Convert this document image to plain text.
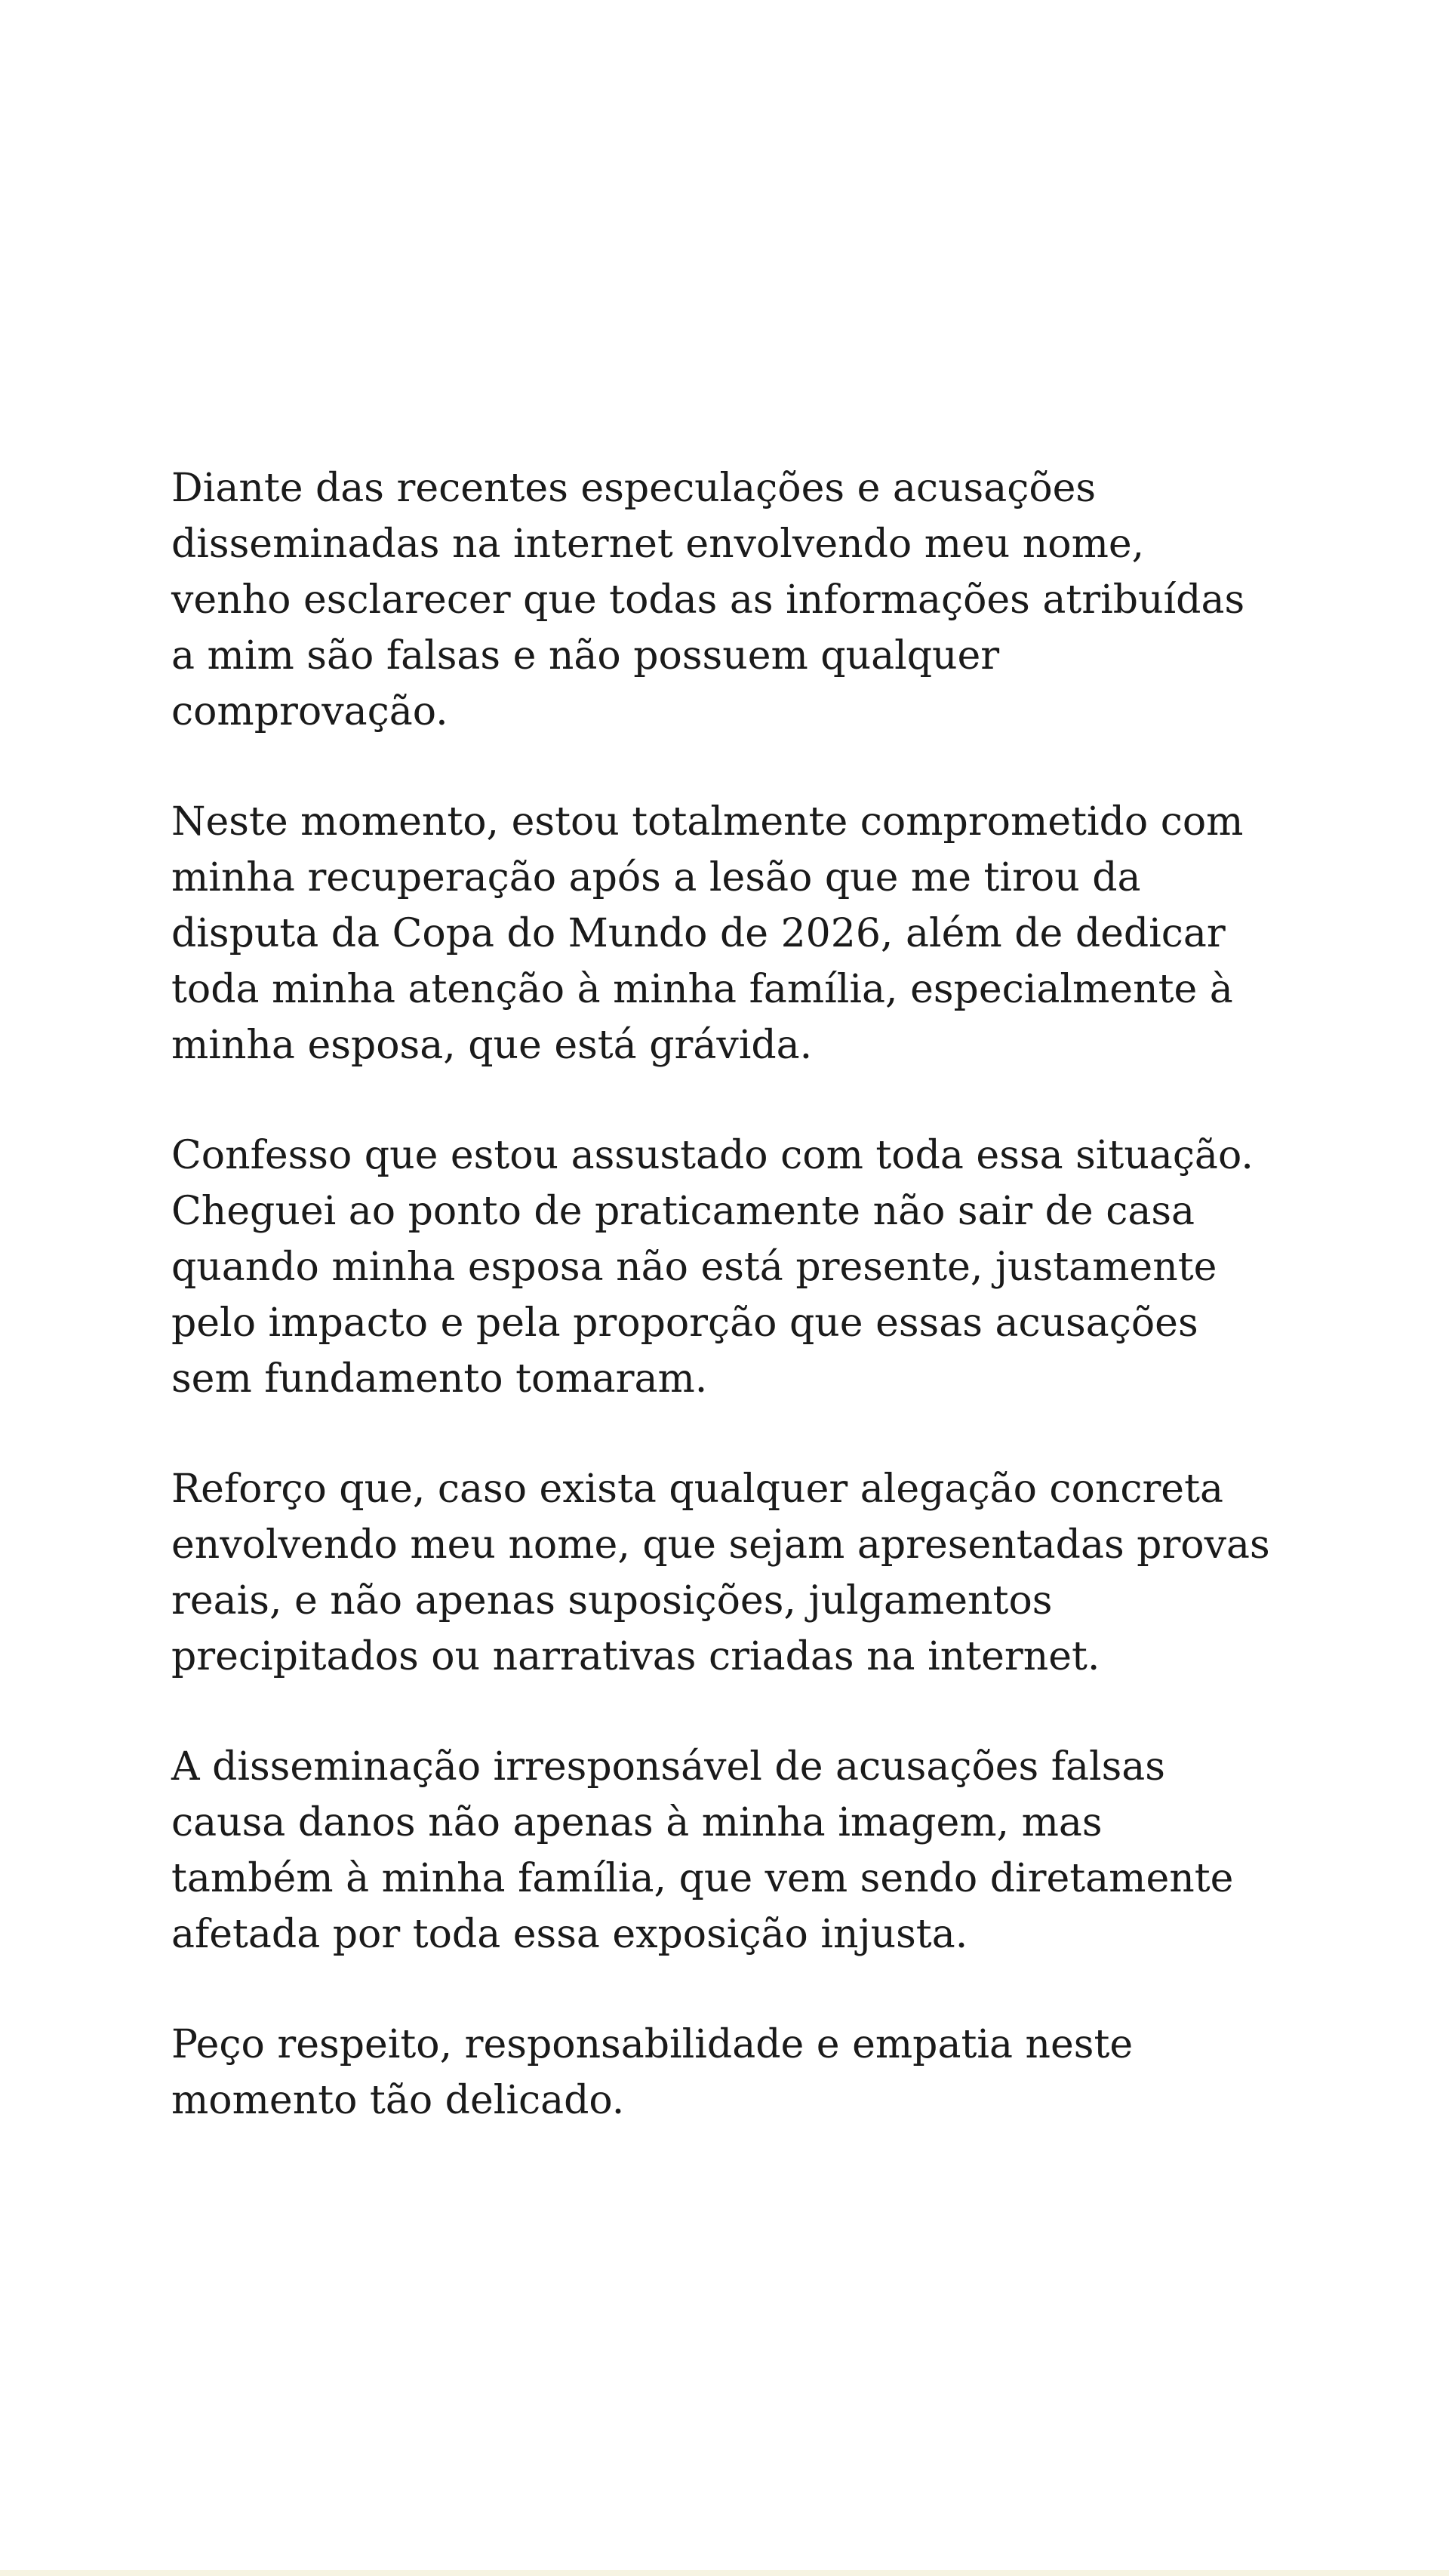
Diante das recentes especulações e acusações
disseminadas na internet envolvendo meu nome,
venho esclarecer que todas as informações atribuídas
a mim são falsas e não possuem qualquer
comprovação.

Neste momento, estou totalmente comprometido com
minha recuperação após a lesão que me tirou da
disputa da Copa do Mundo de 2026, além de dedicar
toda minha atenção à minha família, especialmente à
minha esposa, que está grávida.

Confesso que estou assustado com toda essa situação.
Cheguei ao ponto de praticamente não sair de casa
quando minha esposa não está presente, justamente
pelo impacto e pela proporção que essas acusações
sem fundamento tomaram.

Reforço que, caso exista qualquer alegação concreta
envolvendo meu nome, que sejam apresentadas provas
reais, e não apenas suposições, julgamentos
precipitados ou narrativas criadas na internet.

A disseminação irresponsável de acusações falsas
causa danos não apenas à minha imagem, mas
também à minha família, que vem sendo diretamente
afetada por toda essa exposição injusta.

Peço respeito, responsabilidade e empatia neste
momento tão delicado.
